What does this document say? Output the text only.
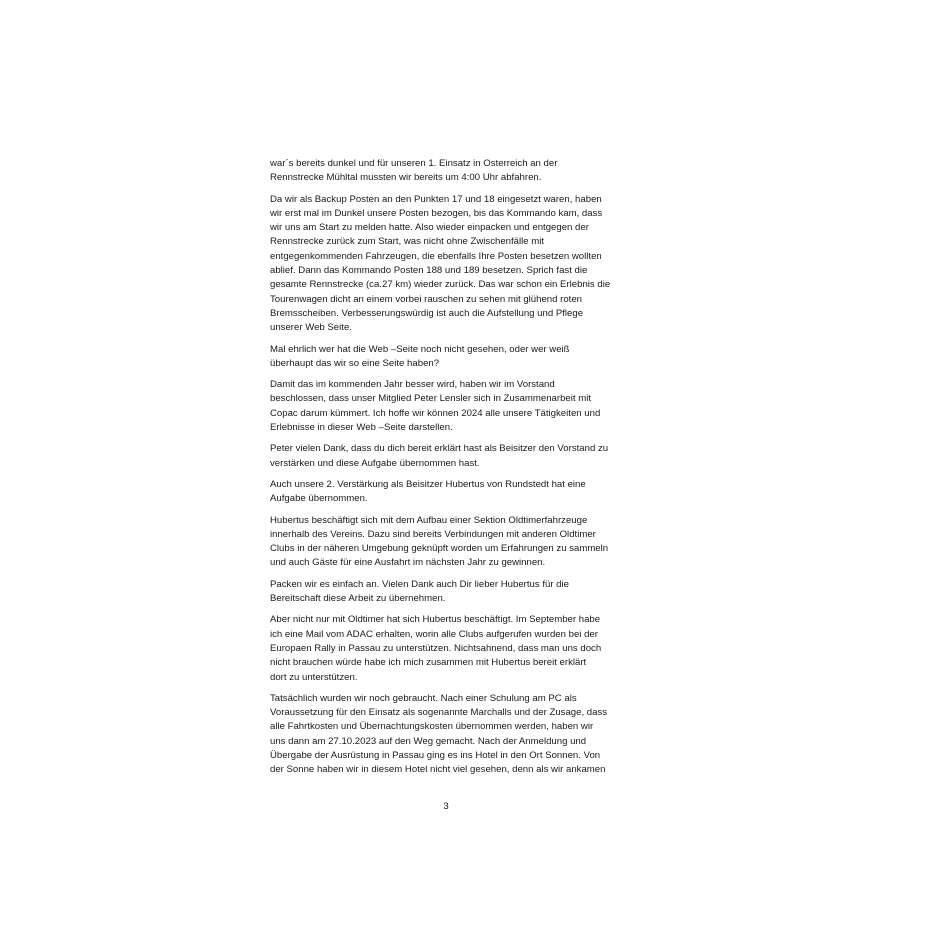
war´s bereits dunkel und für unseren 1. Einsatz in Osterreich an der
Rennstrecke Mühltal mussten wir bereits um 4:00 Uhr abfahren.

Da wir als Backup Posten an den Punkten 17 und 18 eingesetzt waren, haben
wir erst mal im Dunkel unsere Posten bezogen, bis das Kommando kam, dass
wir uns am Start zu melden hatte. Also wieder einpacken und entgegen der
Rennstrecke zurück zum Start, was nicht ohne Zwischenfälle mit
entgegenkommenden Fahrzeugen, die ebenfalls Ihre Posten besetzen wollten
ablief. Dann das Kommando Posten 188 und 189 besetzen. Sprich fast die
gesamte Rennstrecke (ca.27 km) wieder zurück. Das war schon ein Erlebnis die
Tourenwagen dicht an einem vorbei rauschen zu sehen mit glühend roten
Bremsscheiben. Verbesserungswürdig ist auch die Aufstellung und Pflege
unserer Web Seite.

Mal ehrlich wer hat die Web –Seite noch nicht gesehen, oder wer weiß
überhaupt das wir so eine Seite haben?

Damit das im kommenden Jahr besser wird, haben wir im Vorstand
beschlossen, dass unser Mitglied Peter Lensler sich in Zusammenarbeit mit
Copac darum kümmert. Ich hoffe wir können 2024 alle unsere Tätigkeiten und
Erlebnisse in dieser Web –Seite darstellen.

Peter vielen Dank, dass du dich bereit erklärt hast als Beisitzer den Vorstand zu
verstärken und diese Aufgabe übernommen hast.

Auch unsere 2. Verstärkung als Beisitzer Hubertus von Rundstedt hat eine
Aufgabe übernommen.

Hubertus beschäftigt sich mit dem Aufbau einer Sektion Oldtimerfahrzeuge
innerhalb des Vereins. Dazu sind bereits Verbindungen mit anderen Oldtimer
Clubs in der näheren Umgebung geknüpft worden um Erfahrungen zu sammeln
und auch Gäste für eine Ausfahrt im nächsten Jahr zu gewinnen.

Packen wir es einfach an. Vielen Dank auch Dir lieber Hubertus für die
Bereitschaft diese Arbeit zu übernehmen.

Aber nicht nur mit Oldtimer hat sich Hubertus beschäftigt. Im September habe
ich eine Mail vom ADAC erhalten, worin alle Clubs aufgerufen wurden bei der
Europaen Rally in Passau zu unterstützen. Nichtsahnend, dass man uns doch
nicht brauchen würde habe ich mich zusammen mit Hubertus bereit erklärt
dort zu unterstützen.

Tatsächlich wurden wir noch gebraucht. Nach einer Schulung am PC als
Voraussetzung für den Einsatz als sogenannte Marchalls und der Zusage, dass
alle Fahrtkosten und Übernachtungskosten übernommen werden, haben wir
uns dann am 27.10.2023 auf den Weg gemacht. Nach der Anmeldung und
Übergabe der Ausrüstung in Passau ging es ins Hotel in den Ort Sonnen. Von
der Sonne haben wir in diesem Hotel nicht viel gesehen, denn als wir ankamen

3
